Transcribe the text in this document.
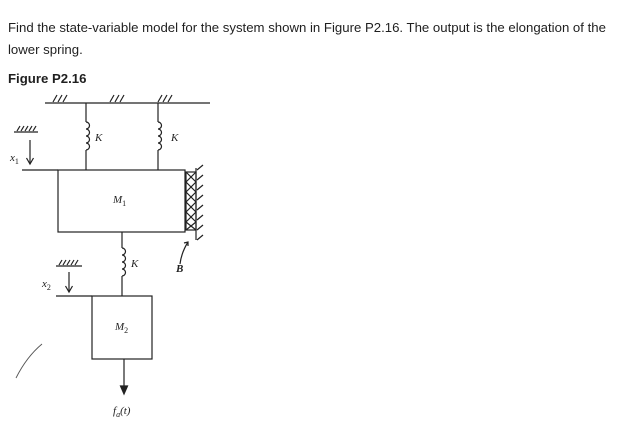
Find the state-variable model for the system shown in Figure P2.16. The output is the elongation of the lower spring.

Figure P2.16

K	K
K
$M_1$
$M_2$
B
$x_1$
$x_2$
$f_a(t)$
